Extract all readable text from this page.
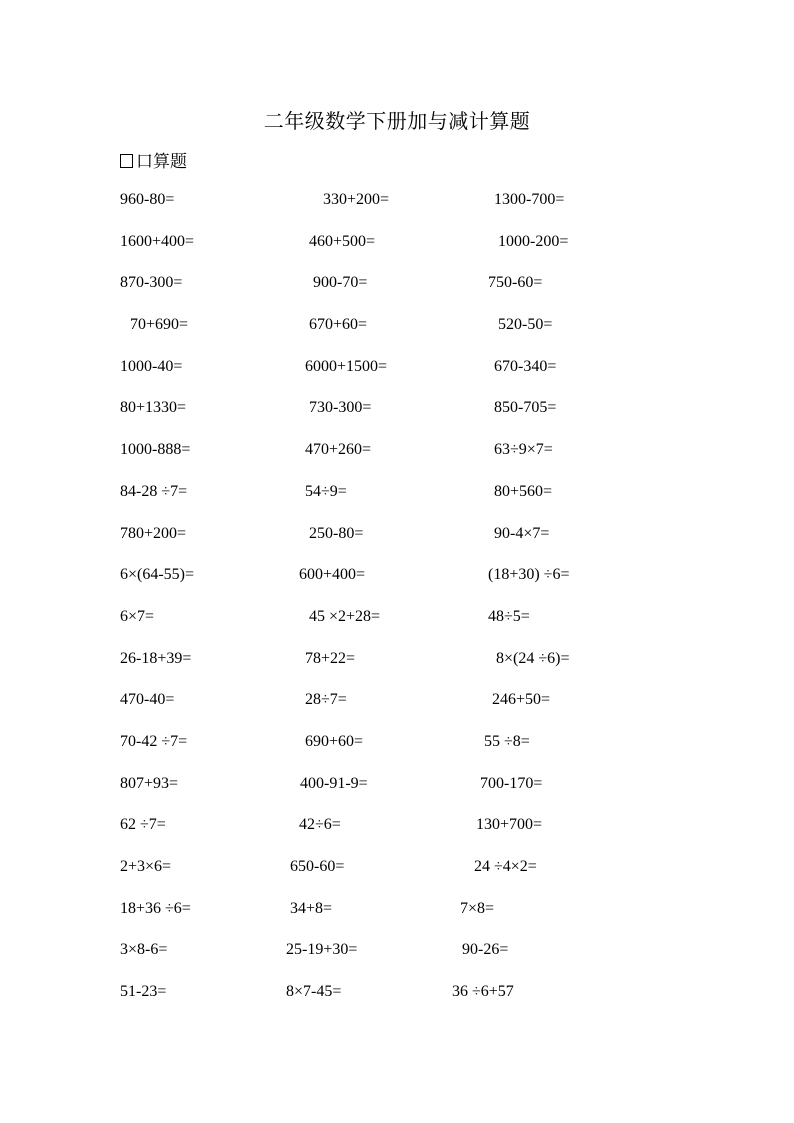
二年级数学下册加与减计算题
口算题
960-80=	330+200=	1300-700=
1600+400=	460+500=	1000-200=
870-300=	900-70=	750-60=
70+690=	670+60=	520-50=
1000-40=	6000+1500=	670-340=
80+1330=	730-300=	850-705=
1000-888=	470+260=	63÷9×7=
84-28 ÷7=	54÷9=	80+560=
780+200=	250-80=	90-4×7=
6×(64-55)=	600+400=	(18+30) ÷6=
6×7=	45 ×2+28=	48÷5=
26-18+39=	78+22=	8×(24 ÷6)=
470-40=	28÷7=	246+50=
70-42 ÷7=	690+60=	55 ÷8=
807+93=	400-91-9=	700-170=
62 ÷7=	42÷6=	130+700=
2+3×6=	650-60=	24 ÷4×2=
18+36 ÷6=	34+8=	7×8=
3×8-6=	25-19+30=	90-26=
51-23=	8×7-45=	36 ÷6+57
